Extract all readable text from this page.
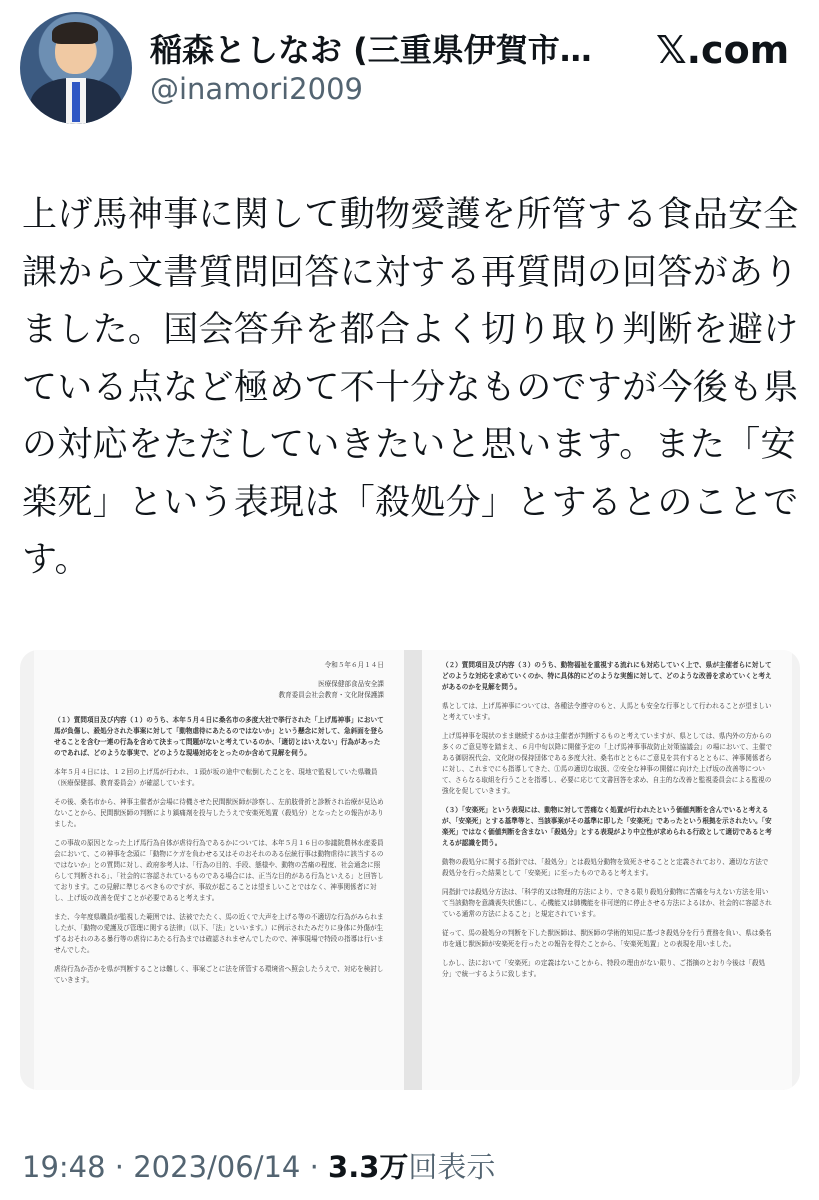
稲森としなお (三重県伊賀市…
@inamori2009
𝕏.com

上げ馬神事に関して動物愛護を所管する食品安全課から文書質問回答に対する再質問の回答がありました。国会答弁を都合よく切り取り判断を避けている点など極めて不十分なものですが今後も県の対応をただしていきたいと思います。また「安楽死」という表現は「殺処分」とするとのことです。

令和５年６月１４日

医療保健部食品安全課
教育委員会社会教育・文化財保護課

（１）質問項目及び内容（１）のうち、本年５月４日に桑名市の多度大社で挙行された「上げ馬神事」において馬が負傷し、殺処分された事案に対して「動物虐待にあたるのではないか」という懸念に対して、急斜面を登らせることを含む一連の行為を含めて決まって問題がないと考えているのか、「適切とはいえない」行為があったのであれば、どのような事実で、どのような現場対応をとったのか含めて見解を伺う。

本年５月４日には、１２回の上げ馬が行われ、１頭が坂の途中で転倒したことを、現地で監視していた県職員（医療保健部、教育委員会）が確認しています。

その後、桑名市から、神事主催者が会場に待機させた民間獣医師が診察し、左前肢骨折と診断され治療が見込めないことから、民間獣医師の判断により鎮痛剤を投与したうえで安楽死処置（殺処分）となったとの報告がありました。

この事故の原因となった上げ馬行為自体が虐待行為であるかについては、本年５月１６日の参議院農林水産委員会において、この神事を念頭に「動物にケガを負わせる又はそのおそれのある伝統行事は動物虐待に該当するのではないか」との質問に対し、政府参考人は、「行為の目的、手段、態様や、動物の苦痛の程度、社会通念に照らして判断される」、「社会的に容認されているものである場合には、正当な目的がある行為といえる」と回答しております。この見解に準じるべきものですが、事故が起こることは望ましいことではなく、神事関係者に対し、上げ坂の改善を促すことが必要であると考えます。

また、今年度県職員が監視した範囲では、法被でたたく、馬の近くで大声を上げる等の不適切な行為がみられましたが、「動物の愛護及び管理に関する法律」（以下、「法」といいます。）に例示されたみだりに身体に外傷が生ずるおそれのある暴行等の虐待にあたる行為までは確認されませんでしたので、神事現場で特段の指導は行いませんでした。

虐待行為か否かを県が判断することは難しく、事案ごとに法を所管する環境省へ照会したうえで、対応を検討していきます。

（２）質問項目及び内容（３）のうち、動物福祉を重視する流れにも対応していく上で、県が主催者らに対してどのような対応を求めていくのか、特に具体的にどのような実態に対して、どのような改善を求めていくと考えがあるのかを見解を問う。

県としては、上げ馬神事については、各種法令遵守のもと、人馬とも安全な行事として行われることが望ましいと考えています。

上げ馬神事を現状のまま継続するかは主催者が判断するものと考えていますが、県としては、県内外の方からの多くのご意見等を踏まえ、６月中旬以降に開催予定の「上げ馬神事事故防止対策協議会」の場において、主催である御厨祝代会、文化財の保持団体である多度大社、桑名市とともにご意見を共有するとともに、神事関係者らに対し、これまでにも指導してきた、①馬の適切な取扱、②安全な神事の開催に向けた上げ坂の改善等について、さらなる取組を行うことを指導し、必要に応じて文書回答を求め、自主的な改善と監視委員会による監視の強化を促していきます。

（３）「安楽死」という表現には、動物に対して苦痛なく処置が行われたという価値判断を含んでいると考えるが、「安楽死」とする基準等と、当該事案がその基準に即した「安楽死」であったという根拠を示されたい。「安楽死」ではなく価値判断を含まない「殺処分」とする表現がより中立性が求められる行政として適切であると考えるが認識を問う。

動物の殺処分に関する指針では、「殺処分」とは殺処分動物を致死させることと定義されており、適切な方法で殺処分を行った結果として「安楽死」に至ったものであると考えます。

同指針では殺処分方法は、「科学的又は物理的方法により、できる限り殺処分動物に苦痛を与えない方法を用いて当該動物を意識喪失状態にし、心機能又は肺機能を非可逆的に停止させる方法によるほか、社会的に容認されている通常の方法によること」と規定されています。

従って、馬の殺処分の判断を下した獣医師は、獣医師の学術的知見に基づき殺処分を行う責務を負い、県は桑名市を通じ獣医師が安楽死を行ったとの報告を得たことから、「安楽死処置」との表現を用いました。

しかし、法において「安楽死」の定義はないことから、特段の理由がない限り、ご指摘のとおり今後は「殺処分」で統一するように致します。

19:48 · 2023/06/14 · 3.3万回表示
